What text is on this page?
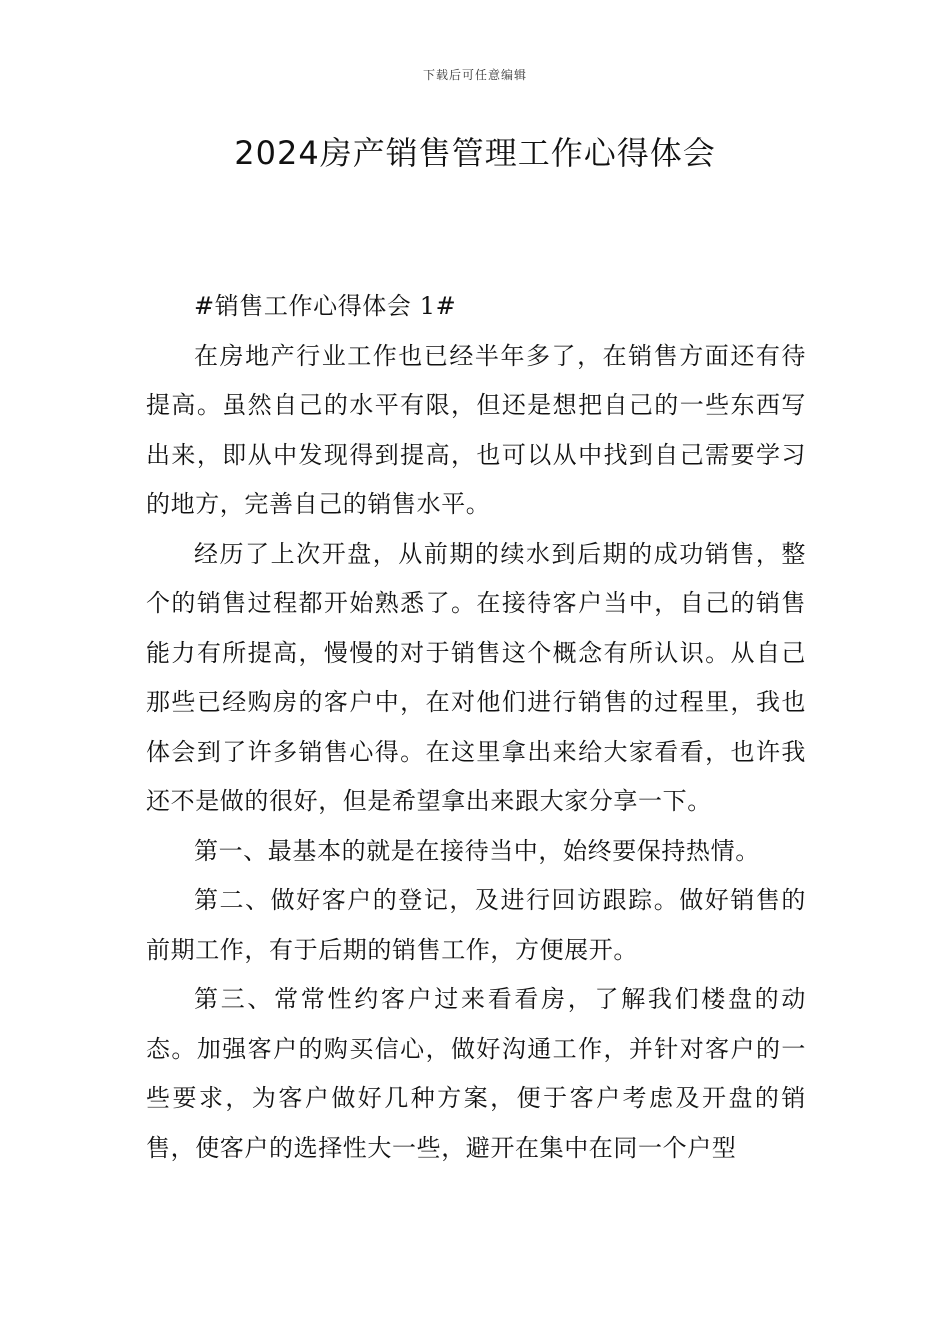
下载后可任意编辑
2024房产销售管理工作心得体会

#销售工作心得体会 1#

在房地产行业工作也已经半年多了，在销售方面还有待提高。虽然自己的水平有限，但还是想把自己的一些东西写出来，即从中发现得到提高，也可以从中找到自己需要学习的地方，完善自己的销售水平。

经历了上次开盘，从前期的续水到后期的成功销售，整个的销售过程都开始熟悉了。在接待客户当中，自己的销售能力有所提高，慢慢的对于销售这个概念有所认识。从自己那些已经购房的客户中，在对他们进行销售的过程里，我也体会到了许多销售心得。在这里拿出来给大家看看，也许我还不是做的很好，但是希望拿出来跟大家分享一下。

第一、最基本的就是在接待当中，始终要保持热情。

第二、做好客户的登记，及进行回访跟踪。做好销售的前期工作，有于后期的销售工作，方便展开。

第三、常常性约客户过来看看房，了解我们楼盘的动态。加强客户的购买信心，做好沟通工作，并针对客户的一些要求，为客户做好几种方案，便于客户考虑及开盘的销售，使客户的选择性大一些，避开在集中在同一个户型
